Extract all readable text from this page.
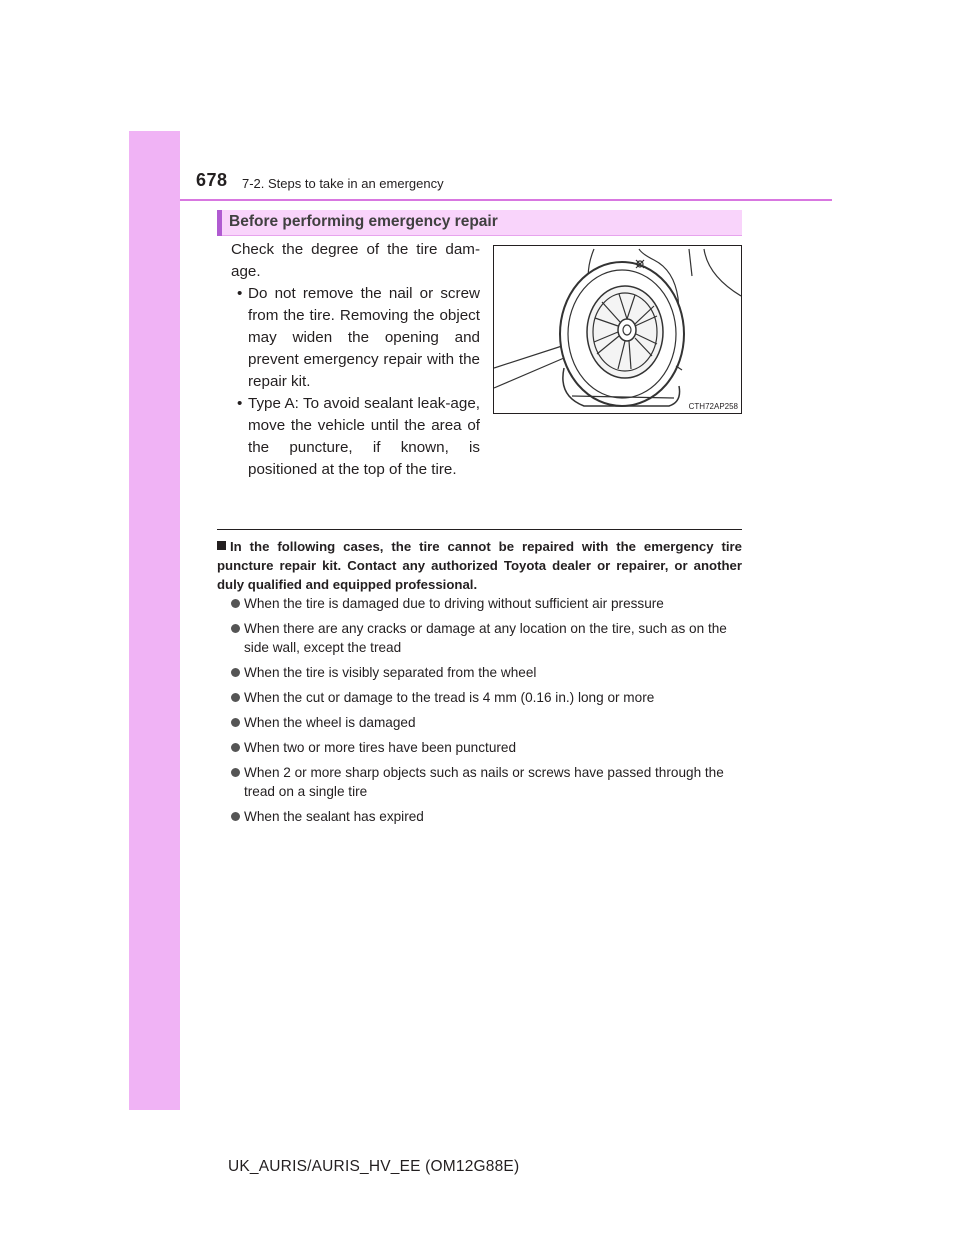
678 7-2. Steps to take in an emergency
Before performing emergency repair

Check the degree of the tire dam-age.

• Do not remove the nail or screw from the tire. Removing the object may widen the opening and prevent emergency repair with the repair kit.

• Type A: To avoid sealant leak-age, move the vehicle until the area of the puncture, if known, is positioned at the top of the tire.

CTH72AP258
In the following cases, the tire cannot be repaired with the emergency tire puncture repair kit. Contact any authorized Toyota dealer or repairer, or another duly qualified and equipped professional.
When the tire is damaged due to driving without sufficient air pressure
When there are any cracks or damage at any location on the tire, such as on the side wall, except the tread
When the tire is visibly separated from the wheel
When the cut or damage to the tread is 4 mm (0.16 in.) long or more
When the wheel is damaged
When two or more tires have been punctured
When 2 or more sharp objects such as nails or screws have passed through the tread on a single tire
When the sealant has expired
UK_AURIS/AURIS_HV_EE (OM12G88E)
